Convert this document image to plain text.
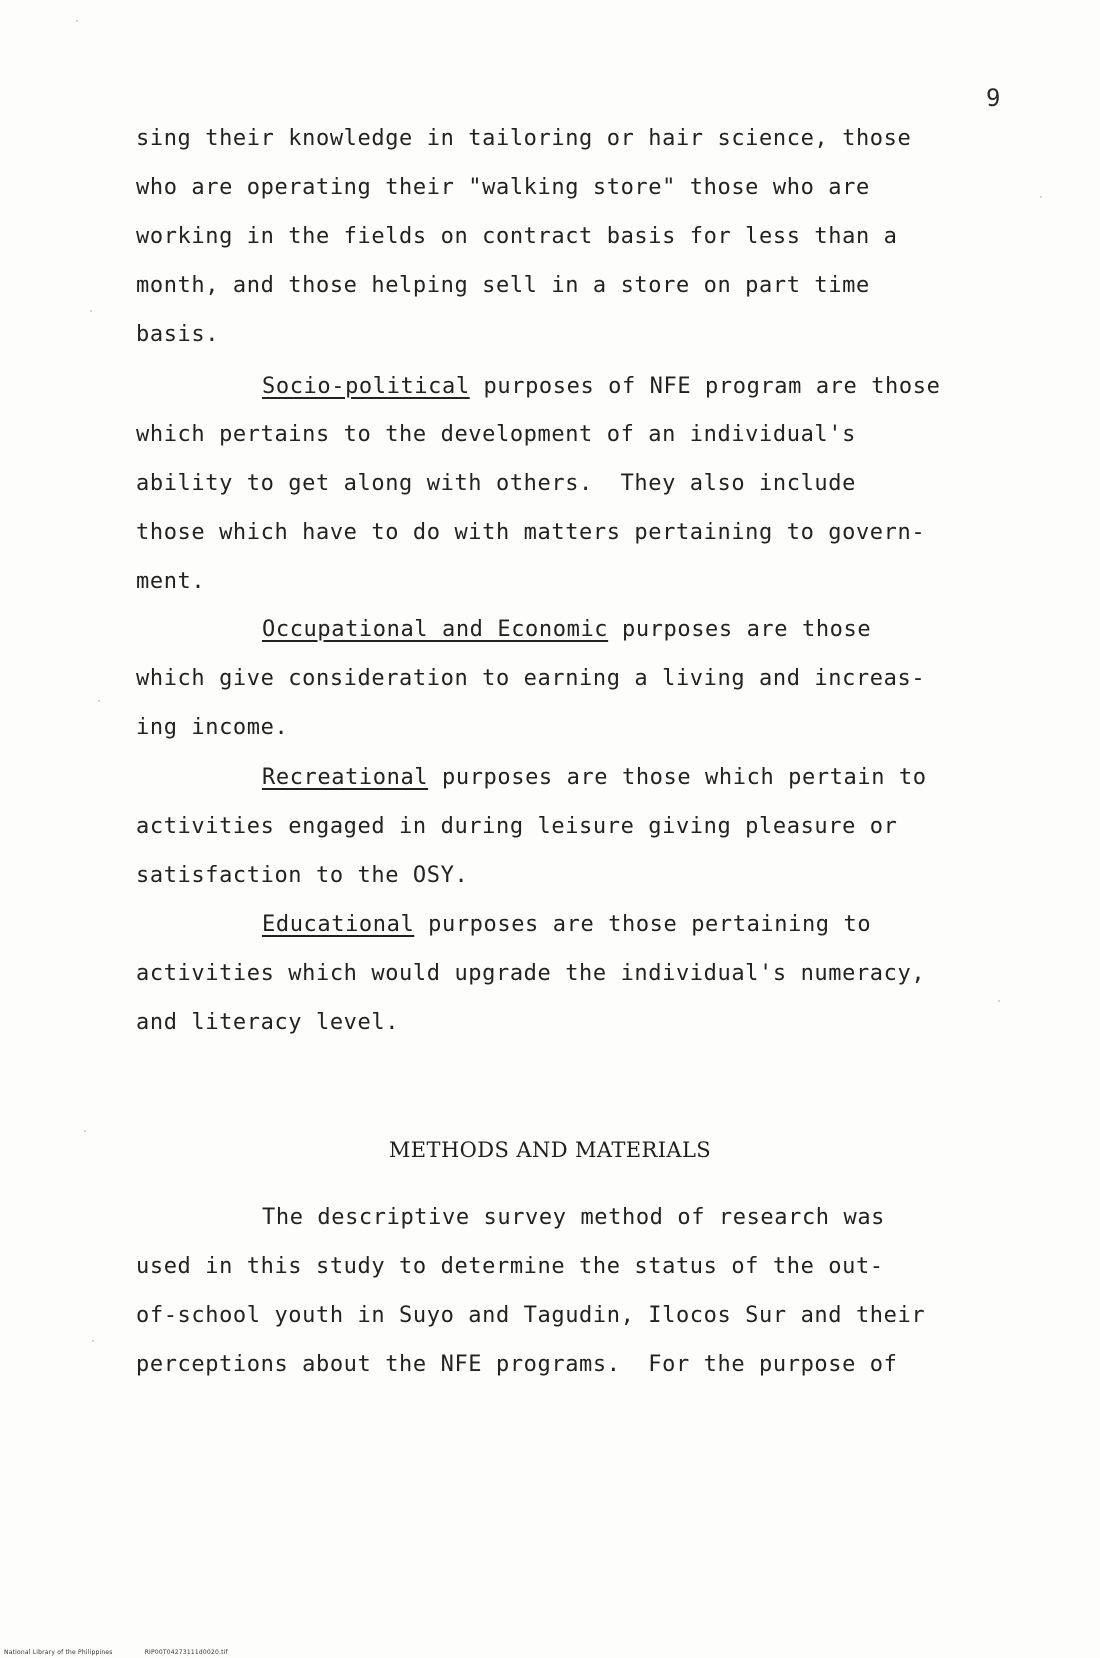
9
sing their knowledge in tailoring or hair science, those
who are operating their "walking store" those who are
working in the fields on contract basis for less than a
month, and those helping sell in a store on part time
basis.
Socio-political purposes of NFE program are those
which pertains to the development of an individual's
ability to get along with others.  They also include
those which have to do with matters pertaining to govern-
ment.
Occupational and Economic purposes are those
which give consideration to earning a living and increas-
ing income.
Recreational purposes are those which pertain to
activities engaged in during leisure giving pleasure or
satisfaction to the OSY.
Educational purposes are those pertaining to
activities which would upgrade the individual's numeracy,
and literacy level.
METHODS AND MATERIALS
The descriptive survey method of research was
used in this study to determine the status of the out-
of-school youth in Suyo and Tagudin, Ilocos Sur and their
perceptions about the NFE programs.  For the purpose of
National Library of the Philippines	RIP00T04273111d0020.tif
